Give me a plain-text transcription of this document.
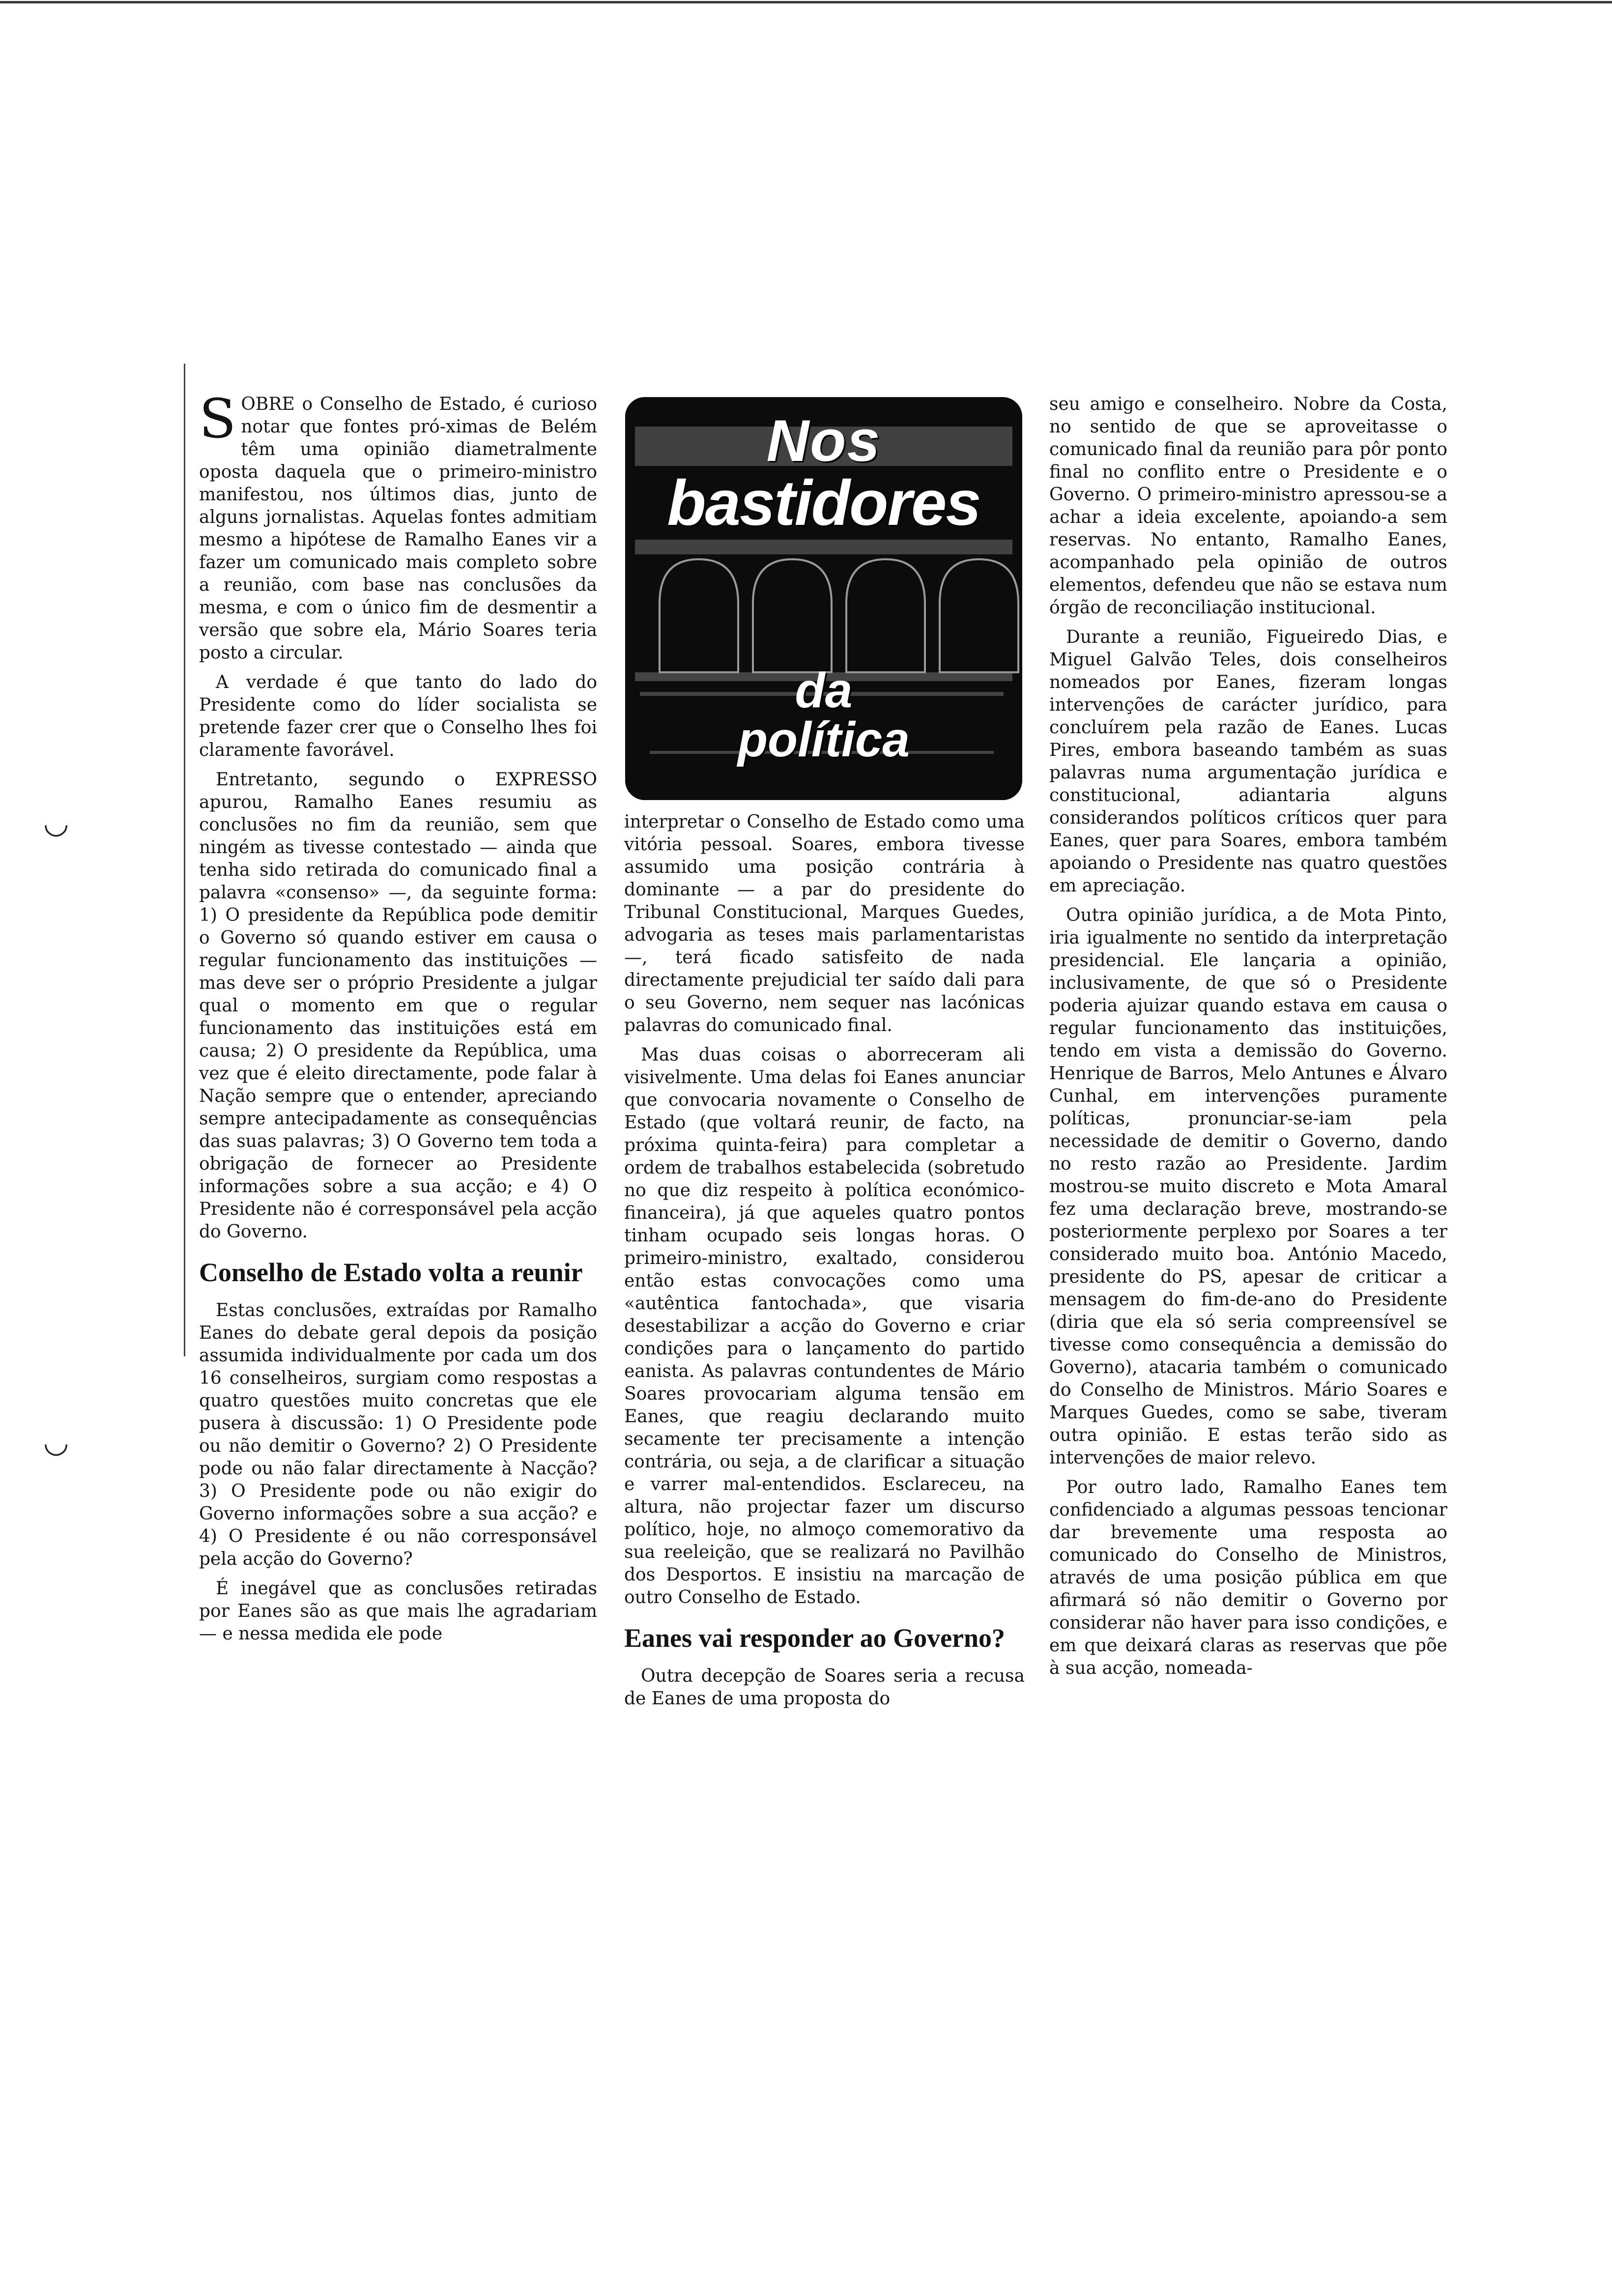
◡
◡
Nos
bastidores
da
política

SOBRE o Conselho de Estado, é curioso notar que fontes pró-ximas de Belém têm uma opinião diametralmente oposta daquela que o primeiro-ministro manifestou, nos últimos dias, junto de alguns jornalistas. Aquelas fontes admitiam mesmo a hipótese de Ramalho Eanes vir a fazer um comunicado mais completo sobre a reunião, com base nas conclusões da mesma, e com o único fim de desmentir a versão que sobre ela, Mário Soares teria posto a circular.

A verdade é que tanto do lado do Presidente como do líder socialista se pretende fazer crer que o Conselho lhes foi claramente favorável.

Entretanto, segundo o EXPRESSO apurou, Ramalho Eanes resumiu as conclusões no fim da reunião, sem que ningém as tivesse contestado — ainda que tenha sido retirada do comunicado final a palavra «consenso» —, da seguinte forma: 1) O presidente da República pode demitir o Governo só quando estiver em causa o regular funcionamento das instituições — mas deve ser o próprio Presidente a julgar qual o momento em que o regular funcionamento das instituições está em causa; 2) O presidente da República, uma vez que é eleito directamente, pode falar à Nação sempre que o entender, apreciando sempre antecipadamente as consequências das suas palavras; 3) O Governo tem toda a obrigação de fornecer ao Presidente informações sobre a sua acção; e 4) O Presidente não é corresponsável pela acção do Governo.

Conselho de Estado volta a reunir

Estas conclusões, extraídas por Ramalho Eanes do debate geral depois da posição assumida individualmente por cada um dos 16 conselheiros, surgiam como respostas a quatro questões muito concretas que ele pusera à discussão: 1) O Presidente pode ou não demitir o Governo? 2) O Presidente pode ou não falar directamente à Nacção? 3) O Presidente pode ou não exigir do Governo informações sobre a sua acção? e 4) O Presidente é ou não corresponsável pela acção do Governo?

É inegável que as conclusões retiradas por Eanes são as que mais lhe agradariam — e nessa medida ele pode

interpretar o Conselho de Estado como uma vitória pessoal. Soares, embora tivesse assumido uma posição contrária à dominante — a par do presidente do Tribunal Constitucional, Marques Guedes, advogaria as teses mais parlamentaristas —, terá ficado satisfeito de nada directamente prejudicial ter saído dali para o seu Governo, nem sequer nas lacónicas palavras do comunicado final.

Mas duas coisas o aborreceram ali visivelmente. Uma delas foi Eanes anunciar que convocaria novamente o Conselho de Estado (que voltará reunir, de facto, na próxima quinta-feira) para completar a ordem de trabalhos estabelecida (sobretudo no que diz respeito à política económico-financeira), já que aqueles quatro pontos tinham ocupado seis longas horas. O primeiro-ministro, exaltado, considerou então estas convocações como uma «autêntica fantochada», que visaria desestabilizar a acção do Governo e criar condições para o lançamento do partido eanista. As palavras contundentes de Mário Soares provocariam alguma tensão em Eanes, que reagiu declarando muito secamente ter precisamente a intenção contrária, ou seja, a de clarificar a situação e varrer mal-entendidos. Esclareceu, na altura, não projectar fazer um discurso político, hoje, no almoço comemorativo da sua reeleição, que se realizará no Pavilhão dos Desportos. E insistiu na marcação de outro Conselho de Estado.

Eanes vai responder ao Governo?

Outra decepção de Soares seria a recusa de Eanes de uma proposta do

seu amigo e conselheiro. Nobre da Costa, no sentido de que se aproveitasse o comunicado final da reunião para pôr ponto final no conflito entre o Presidente e o Governo. O primeiro-ministro apressou-se a achar a ideia excelente, apoiando-a sem reservas. No entanto, Ramalho Eanes, acompanhado pela opinião de outros elementos, defendeu que não se estava num órgão de reconciliação institucional.

Durante a reunião, Figueiredo Dias, e Miguel Galvão Teles, dois conselheiros nomeados por Eanes, fizeram longas intervenções de carácter jurídico, para concluírem pela razão de Eanes. Lucas Pires, embora baseando também as suas palavras numa argumentação jurídica e constitucional, adiantaria alguns considerandos políticos críticos quer para Eanes, quer para Soares, embora também apoiando o Presidente nas quatro questões em apreciação.

Outra opinião jurídica, a de Mota Pinto, iria igualmente no sentido da interpretação presidencial. Ele lançaria a opinião, inclusivamente, de que só o Presidente poderia ajuizar quando estava em causa o regular funcionamento das instituições, tendo em vista a demissão do Governo. Henrique de Barros, Melo Antunes e Álvaro Cunhal, em intervenções puramente políticas, pronunciar-se-iam pela necessidade de demitir o Governo, dando no resto razão ao Presidente. Jardim mostrou-se muito discreto e Mota Amaral fez uma declaração breve, mostrando-se posteriormente perplexo por Soares a ter considerado muito boa. António Macedo, presidente do PS, apesar de criticar a mensagem do fim-de-ano do Presidente (diria que ela só seria compreensível se tivesse como consequência a demissão do Governo), atacaria também o comunicado do Conselho de Ministros. Mário Soares e Marques Guedes, como se sabe, tiveram outra opinião. E estas terão sido as intervenções de maior relevo.

Por outro lado, Ramalho Eanes tem confidenciado a algumas pessoas tencionar dar brevemente uma resposta ao comunicado do Conselho de Ministros, através de uma posição pública em que afirmará só não demitir o Governo por considerar não haver para isso condições, e em que deixará claras as reservas que põe à sua acção, nomeada-
